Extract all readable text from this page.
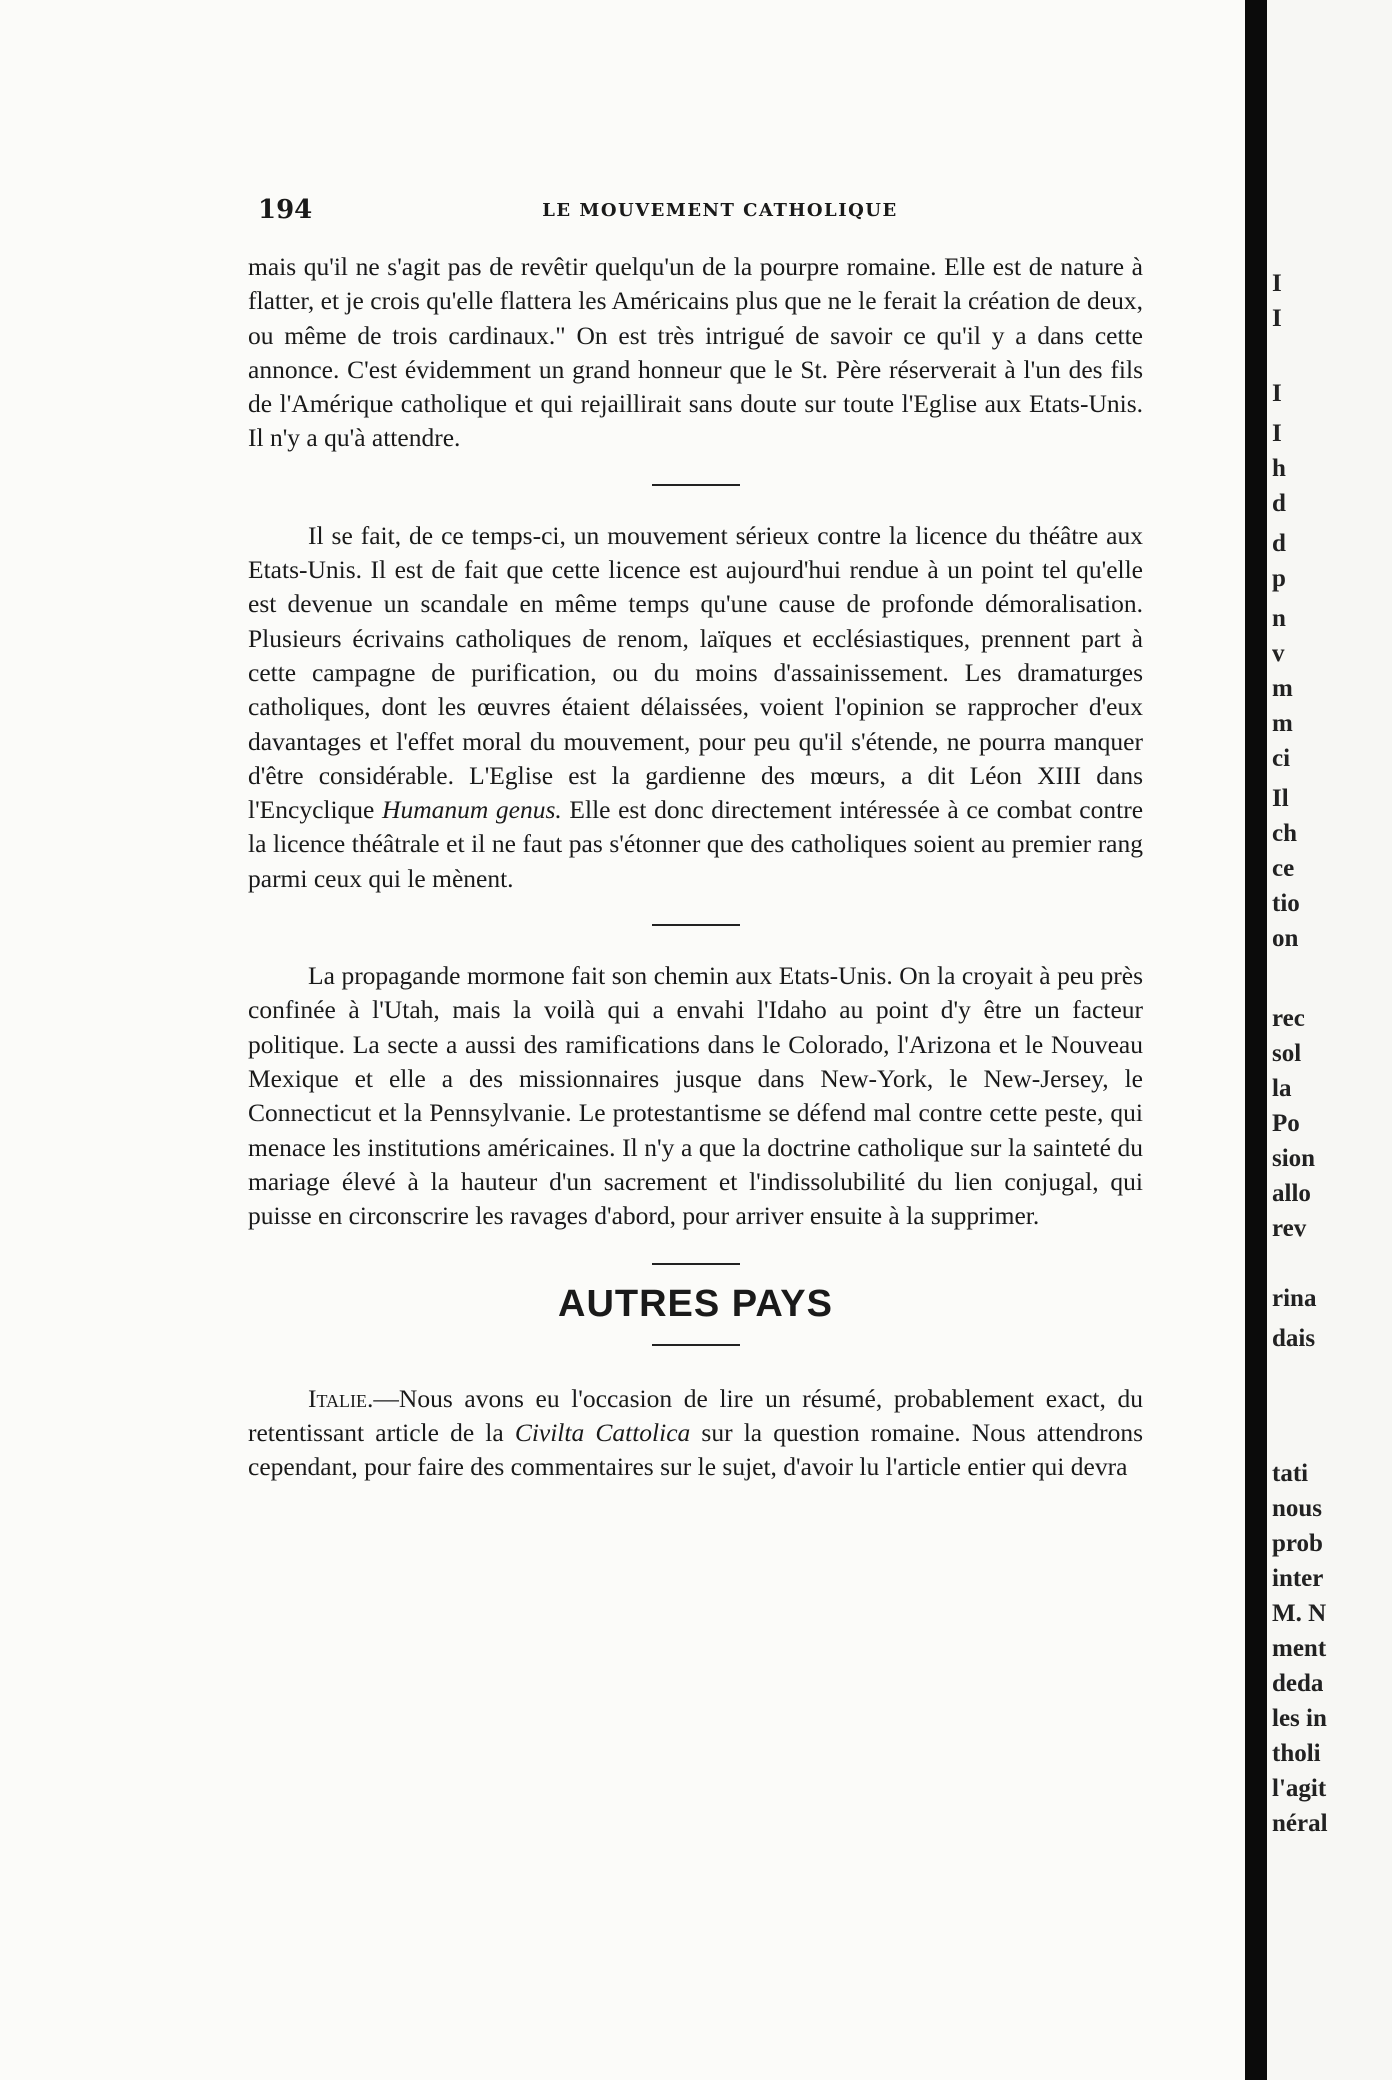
194	LE MOUVEMENT CATHOLIQUE

mais qu'il ne s'agit pas de revêtir quelqu'un de la pourpre romaine. Elle est de nature à flatter, et je crois qu'elle flattera les Américains plus que ne le ferait la création de deux, ou même de trois cardinaux." On est très intrigué de savoir ce qu'il y a dans cette annonce. C'est évidemment un grand honneur que le St. Père réserverait à l'un des fils de l'Amérique catholique et qui rejaillirait sans doute sur toute l'Eglise aux Etats-Unis. Il n'y a qu'à attendre.

Il se fait, de ce temps-ci, un mouvement sérieux contre la licence du théâtre aux Etats-Unis. Il est de fait que cette licence est aujourd'hui rendue à un point tel qu'elle est devenue un scandale en même temps qu'une cause de profonde démoralisation. Plusieurs écrivains catholiques de renom, laïques et ecclésiastiques, prennent part à cette campagne de purification, ou du moins d'assainissement. Les dramaturges catholiques, dont les œuvres étaient délaissées, voient l'opinion se rapprocher d'eux davantages et l'effet moral du mouvement, pour peu qu'il s'étende, ne pourra manquer d'être considérable. L'Eglise est la gardienne des mœurs, a dit Léon XIII dans l'Encyclique Humanum genus. Elle est donc directement intéressée à ce combat contre la licence théâtrale et il ne faut pas s'étonner que des catholiques soient au premier rang parmi ceux qui le mènent.

La propagande mormone fait son chemin aux Etats-Unis. On la croyait à peu près confinée à l'Utah, mais la voilà qui a envahi l'Idaho au point d'y être un facteur politique. La secte a aussi des ramifications dans le Colorado, l'Arizona et le Nouveau Mexique et elle a des missionnaires jusque dans New-York, le New-Jersey, le Connecticut et la Pennsylvanie. Le protestantisme se défend mal contre cette peste, qui menace les institutions américaines. Il n'y a que la doctrine catholique sur la sainteté du mariage élevé à la hauteur d'un sacrement et l'indissolubilité du lien conjugal, qui puisse en circonscrire les ravages d'abord, pour arriver ensuite à la supprimer.

AUTRES PAYS

Italie.—Nous avons eu l'occasion de lire un résumé, probablement exact, du retentissant article de la Civilta Cattolica sur la question romaine. Nous attendrons cependant, pour faire des commentaires sur le sujet, d'avoir lu l'article entier qui devra

I
I
I
I
h
d
d
p
n
v
m
m
ci
Il
ch
ce
tio
on
rec
sol
la
Po
sion
allo
rev
rina
dais
tati
nous
prob
inter
M. N
ment
deda
les in
tholi
l'agit
néral
